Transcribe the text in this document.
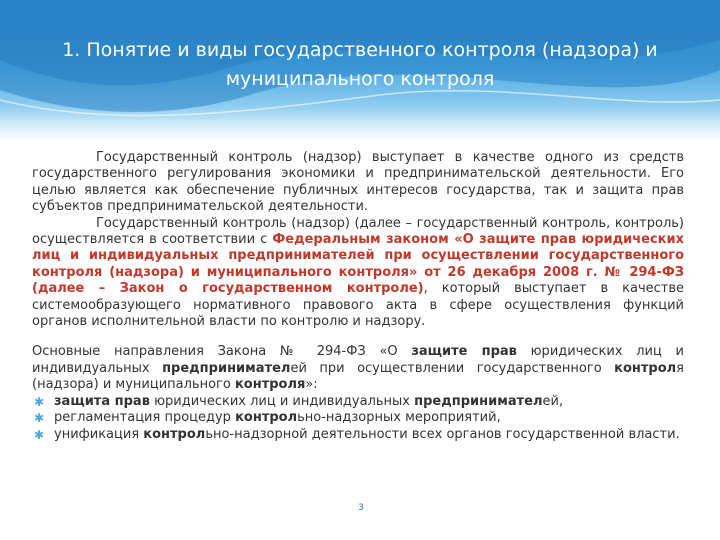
1. Понятие и виды государственного контроля (надзора) и
муниципального контроля

Государственный контроль (надзор) выступает в качестве одного из средств государственного регулирования экономики и предпринимательской деятельности. Его целью является как обеспечение публичных интересов государства, так и защита прав субъектов предпринимательской деятельности.

Государственный контроль (надзор) (далее – государственный контроль, контроль) осуществляется в соответствии с Федеральным законом «О защите прав юридических лиц и индивидуальных предпринимателей при осуществлении государственного контроля (надзора) и муниципального контроля» от 26 декабря 2008 г. № 294-ФЗ (далее – Закон о государственном контроле), который выступает в качестве системообразующего нормативного правового акта в сфере осуществления функций органов исполнительной власти по контролю и надзору.

Основные направления Закона № 294-ФЗ «О защите прав юридических лиц и индивидуальных предпринимателей при осуществлении государственного контроля (надзора) и муниципального контроля»:

✱ защита прав юридических лиц и индивидуальных предпринимателей,
✱ регламентация процедур контрольно-надзорных мероприятий,
✱ унификация контрольно-надзорной деятельности всех органов государственной власти.
3
